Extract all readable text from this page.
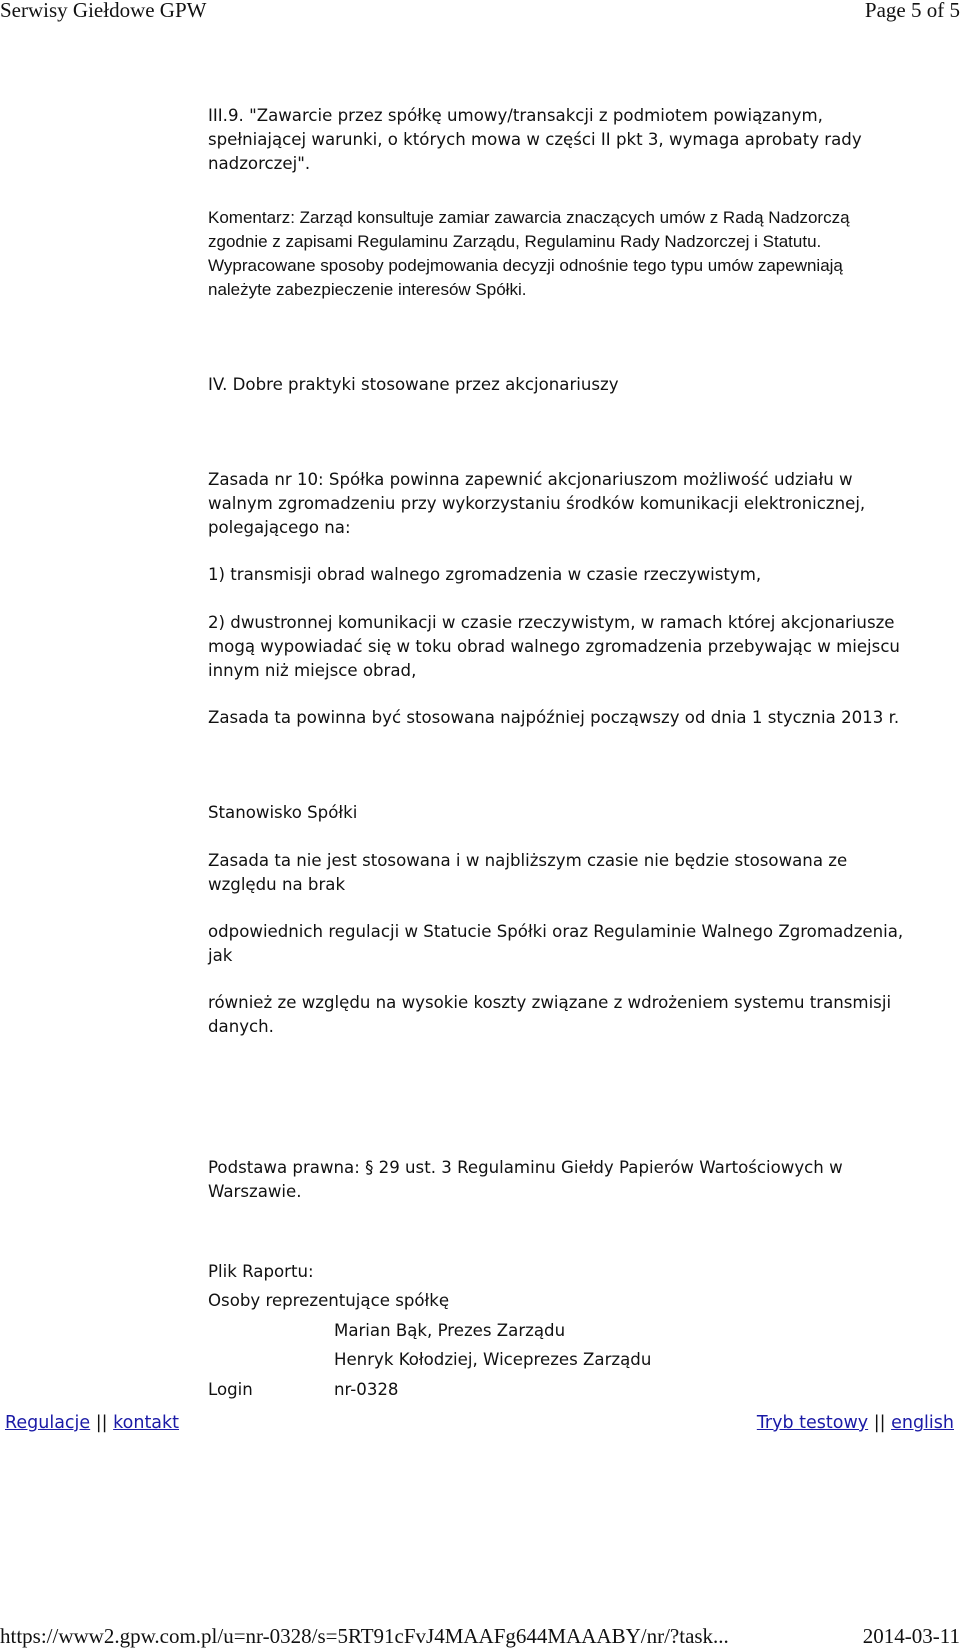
Serwisy Giełdowe GPW	Page 5 of 5

III.9. "Zawarcie przez spółkę umowy/transakcji z podmiotem powiązanym,
spełniającej warunki, o których mowa w części II pkt 3, wymaga aprobaty rady
nadzorczej".

Komentarz: Zarząd konsultuje zamiar zawarcia znaczących umów z Radą Nadzorczą
zgodnie z zapisami Regulaminu Zarządu, Regulaminu Rady Nadzorczej i Statutu.
Wypracowane sposoby podejmowania decyzji odnośnie tego typu umów zapewniają
należyte zabezpieczenie interesów Spółki.

IV. Dobre praktyki stosowane przez akcjonariuszy

Zasada nr 10: Spółka powinna zapewnić akcjonariuszom możliwość udziału w
walnym zgromadzeniu przy wykorzystaniu środków komunikacji elektronicznej,
polegającego na:

1) transmisji obrad walnego zgromadzenia w czasie rzeczywistym,

2) dwustronnej komunikacji w czasie rzeczywistym, w ramach której akcjonariusze
mogą wypowiadać się w toku obrad walnego zgromadzenia przebywając w miejscu
innym niż miejsce obrad,

Zasada ta powinna być stosowana najpóźniej począwszy od dnia 1 stycznia 2013 r.

Stanowisko Spółki

Zasada ta nie jest stosowana i w najbliższym czasie nie będzie stosowana ze
względu na brak

odpowiednich regulacji w Statucie Spółki oraz Regulaminie Walnego Zgromadzenia,
jak

również ze względu na wysokie koszty związane z wdrożeniem systemu transmisji
danych.

Podstawa prawna: § 29 ust. 3 Regulaminu Giełdy Papierów Wartościowych w
Warszawie.

Plik Raportu:
Osoby reprezentujące spółkę
Marian Bąk, Prezes Zarządu
Henryk Kołodziej, Wiceprezes Zarządu
Login	nr-0328
Regulacje || kontakt	Tryb testowy || english
https://www2.gpw.com.pl/u=nr-0328/s=5RT91cFvJ4MAAFg644MAAABY/nr/?task...	2014-03-11
